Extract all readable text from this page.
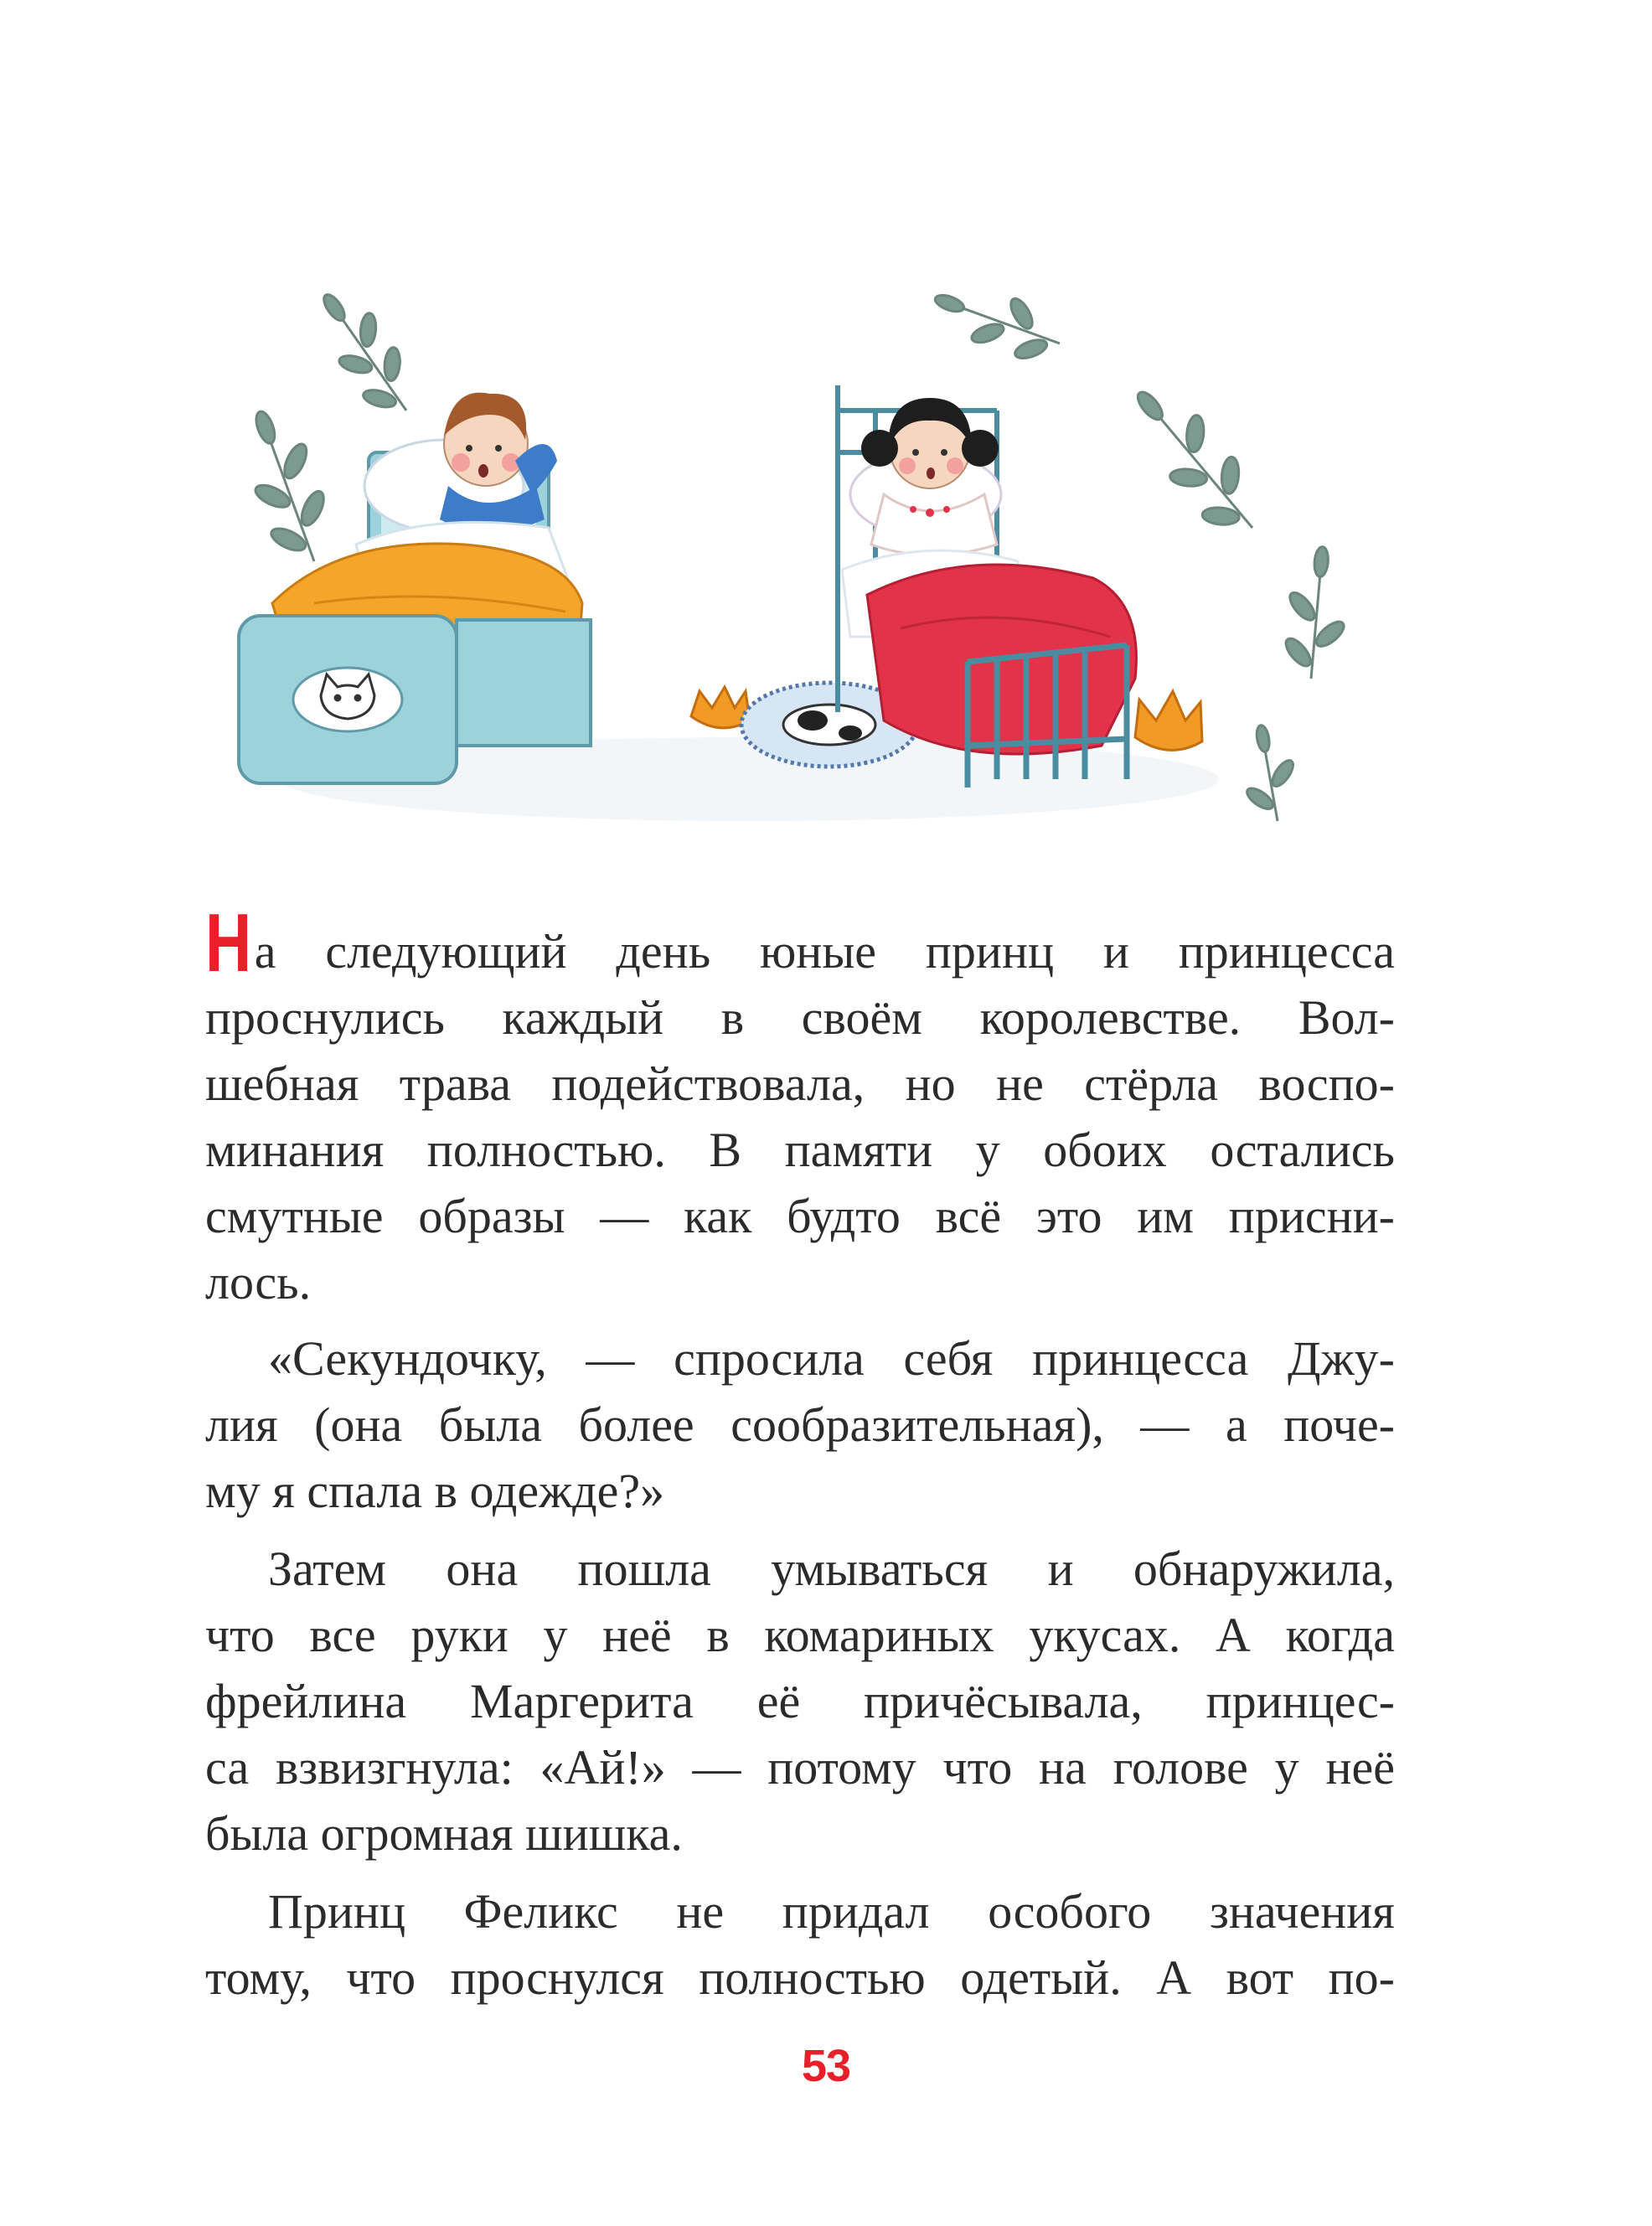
На следующий день юные принц и принцесса
проснулись каждый в своём королевстве. Вол-
шебная трава подействовала, но не стёрла воспо-
минания полностью. В памяти у обоих остались
смутные образы — как будто всё это им присни-
лось.

«Секундочку, — спросила себя принцесса Джу-
лия (она была более сообразительная), — а поче-
му я спала в одежде?»

Затем она пошла умываться и обнаружила,
что все руки у неё в комариных укусах. А когда
фрейлина Маргерита её причёсывала, принцес-
са взвизгнула: «Ай!» — потому что на голове у неё
была огромная шишка.

Принц Феликс не придал особого значения
тому, что проснулся полностью одетый. А вот по-

53
